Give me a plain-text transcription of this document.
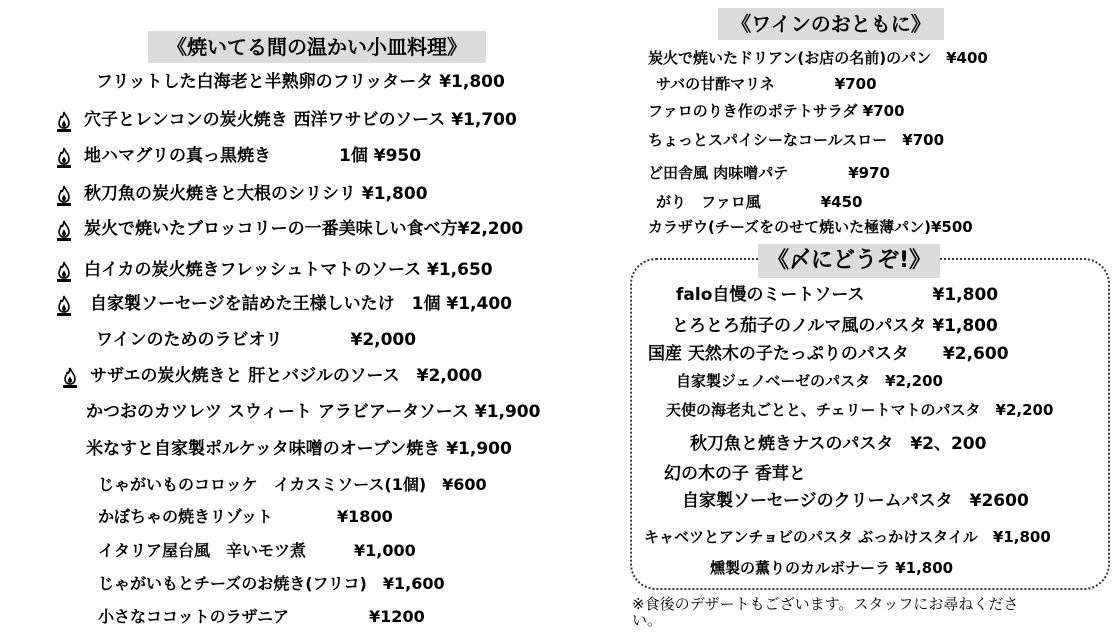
《焼いてる間の温かい小皿料理》
フリットした白海老と半熟卵のフリッタータ ¥1,800
穴子とレンコンの炭火焼き 西洋ワサビのソース ¥1,700
地ハマグリの真っ黒焼き　　　　1個 ¥950
秋刀魚の炭火焼きと大根のシリシリ ¥1,800
炭火で焼いたブロッコリーの一番美味しい食べ方¥2,200
白イカの炭火焼きフレッシュトマトのソース ¥1,650
自家製ソーセージを詰めた王様しいたけ　1個 ¥1,400
ワインのためのラビオリ　　　　¥2,000
サザエの炭火焼きと 肝とバジルのソース　¥2,000
かつおのカツレツ スウィート アラビアータソース ¥1,900
米なすと自家製ポルケッタ味噌のオーブン焼き ¥1,900
じゃがいものコロッケ　イカスミソース(1個)　¥600
かぼちゃの焼きリゾット　　　　¥1800
イタリア屋台風　辛いモツ煮　　　¥1,000
じゃがいもとチーズのお焼き(フリコ)　¥1,600
小さなココットのラザニア　　　　　¥1200
《ワインのおともに》
炭火で焼いたドリアン(お店の名前)のパン　¥400
サバの甘酢マリネ　　　　¥700
ファロのりき作のポテトサラダ ¥700
ちょっとスパイシーなコールスロー　¥700
ど田舎風 肉味噌パテ　　　　¥970
がり　ファロ風　　　　¥450
カラザウ(チーズをのせて焼いた極薄パン)¥500
《〆にどうぞ!》
falo自慢のミートソース　　　　¥1,800
とろとろ茄子のノルマ風のパスタ ¥1,800
国産 天然木の子たっぷりのパスタ　　¥2,600
自家製ジェノベーゼのパスタ　¥2,200
天使の海老丸ごとと、チェリートマトのパスタ　¥2,200
秋刀魚と焼きナスのパスタ　¥2、200
幻の木の子 香茸と
自家製ソーセージのクリームパスタ　¥2600
キャベツとアンチョビのパスタ ぶっかけスタイル　¥1,800
燻製の薫りのカルボナーラ ¥1,800
※食後のデザートもございます。スタッフにお尋ねくださ
い。
